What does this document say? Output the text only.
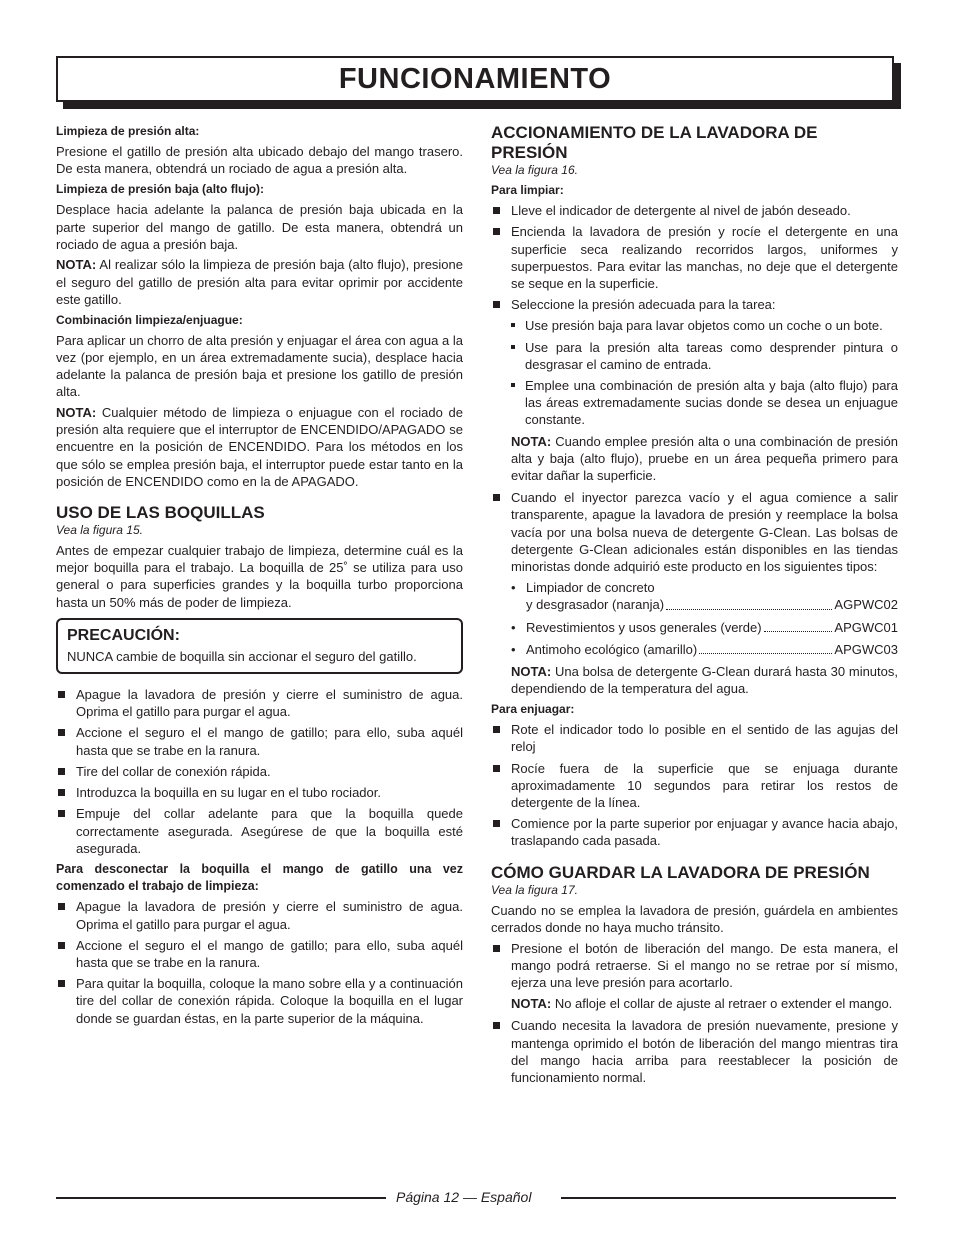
FUNCIONAMIENTO

Limpieza de presión alta:

Presione el gatillo de presión alta ubicado debajo del mango trasero. De esta manera, obtendrá un rociado de agua a presión alta.

Limpieza de presión baja (alto flujo):

Desplace hacia adelante la palanca de presión baja ubicada en la parte superior del mango de gatillo. De esta manera, obtendrá un rociado de agua a presión baja.

NOTA: Al realizar sólo la limpieza de presión baja (alto flujo), presione el seguro del gatillo de presión alta para evitar oprimir por accidente este gatillo.

Combinación limpieza/enjuague:

Para aplicar un chorro de alta presión y enjuagar el área con agua a la vez (por ejemplo, en un área extremadamente sucia), desplace hacia adelante la palanca de presión baja et presione los gatillo de presión alta.

NOTA: Cualquier método de limpieza o enjuague con el rociado de presión alta requiere que el interruptor de ENCENDIDO/APAGADO se encuentre en la posición de ENCENDIDO. Para los métodos en los que sólo se emplea presión baja, el interruptor puede estar tanto en la posición de ENCENDIDO como en la de APAGADO.

USO DE LAS BOQUILLAS
Vea la figura 15.

Antes de empezar cualquier trabajo de limpieza, determine cuál es la mejor boquilla para el trabajo. La boquilla de 25˚ se utiliza para uso general o para superficies grandes y la boquilla turbo proporciona hasta un 50% más de poder de limpieza.

PRECAUCIÓN:
NUNCA cambie de boquilla sin accionar el seguro del gatillo.
Apague la lavadora de presión y cierre el suministro de agua. Oprima el gatillo para purgar el agua.
Accione el seguro el el mango de gatillo; para ello, suba aquél hasta que se trabe en la ranura.
Tire del collar de conexión rápida.
Introduzca la boquilla en su lugar en el tubo rociador.
Empuje del collar adelante para que la boquilla quede correctamente asegurada. Asegúrese de que la boquilla esté asegurada.

Para desconectar la boquilla el mango de gatillo una vez comenzado el trabajo de limpieza:

Apague la lavadora de presión y cierre el suministro de agua. Oprima el gatillo para purgar el agua.
Accione el seguro el el mango de gatillo; para ello, suba aquél hasta que se trabe en la ranura.
Para quitar la boquilla, coloque la mano sobre ella y a continuación tire del collar de conexión rápida. Coloque la boquilla en el lugar donde se guardan éstas, en la parte superior de la máquina.
ACCIONAMIENTO DE LA LAVADORA DE PRESIÓN
Vea la figura 16.

Para limpiar:

Lleve el indicador de detergente al nivel de jabón deseado.
Encienda la lavadora de presión y rocíe el detergente en una superficie seca realizando recorridos largos, uniformes y superpuestos. Para evitar las manchas, no deje que el detergente se seque en la superficie.
Seleccione la presión adecuada para la tarea:
Use presión baja para lavar objetos como un coche o un bote.
Use para la presión alta tareas como desprender pintura o desgrasar el camino de entrada.
Emplee una combinación de presión alta y baja (alto flujo) para las áreas extremadamente sucias donde se desea un enjuague constante.

NOTA: Cuando emplee presión alta o una combinación de presión alta y baja (alto flujo), pruebe en un área pequeña primero para evitar dañar la superficie.

Cuando el inyector parezca vacío y el agua comience a salir transparente, apague la lavadora de presión y reemplace la bolsa vacía por una bolsa nueva de detergente G-Clean. Las bolsas de detergente G-Clean adicionales están disponibles en las tiendas minoristas donde adquirió este producto en los siguientes tipos:
• Limpiador de concreto
y desgrasador (naranja)	AGPWC02
• Revestimientos y usos generales (verde)	APGWC01
• Antimoho ecológico (amarillo)	APGWC03

NOTA: Una bolsa de detergente G-Clean durará hasta 30 minutos, dependiendo de la temperatura del agua.

Para enjuagar:

Rote el indicador todo lo posible en el sentido de las agujas del reloj
Rocíe fuera de la superficie que se enjuaga durante aproximadamente 10 segundos para retirar los restos de detergente de la línea.
Comience por la parte superior por enjuagar y avance hacia abajo, traslapando cada pasada.
CÓMO GUARDAR LA LAVADORA DE PRESIÓN
Vea la figura 17.

Cuando no se emplea la lavadora de presión, guárdela en ambientes cerrados donde no haya mucho tránsito.

Presione el botón de liberación del mango. De esta manera, el mango podrá retraerse. Si el mango no se retrae por sí mismo, ejerza una leve presión para acortarlo.

NOTA: No afloje el collar de ajuste al retraer o extender el mango.

Cuando necesita la lavadora de presión nuevamente, presione y mantenga oprimido el botón de liberación del mango mientras tira del mango hacia arriba para reestablecer la posición de funcionamiento normal.
Página 12 — Español
